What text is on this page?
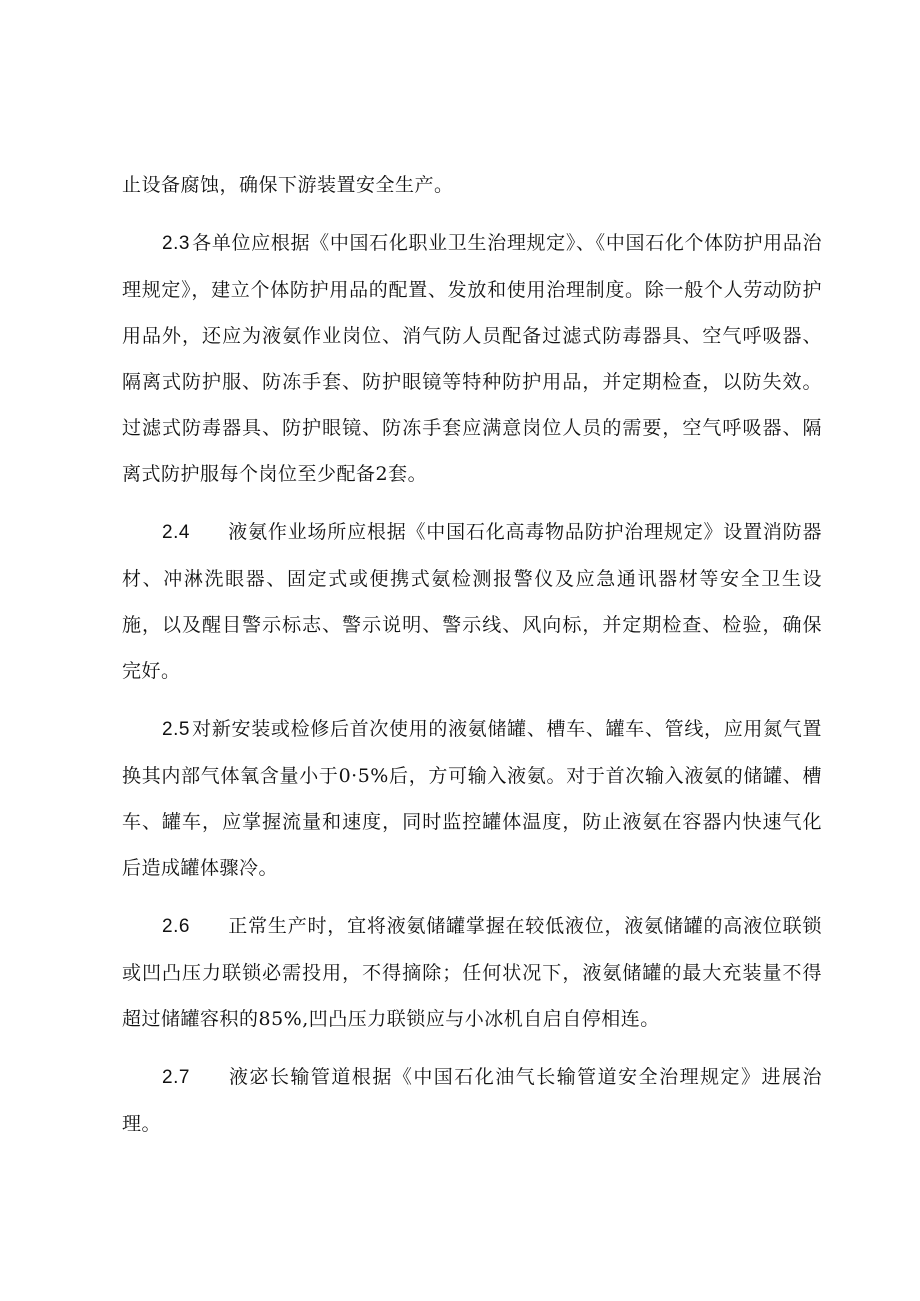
止设备腐蚀，确保下游装置安全生产。

2.3 各单位应根据《中国石化职业卫生治理规定》、《中国石化个体防护用品治理规定》，建立个体防护用品的配置、发放和使用治理制度。除一般个人劳动防护用品外，还应为液氨作业岗位、消气防人员配备过滤式防毒器具、空气呼吸器、隔离式防护服、防冻手套、防护眼镜等特种防护用品，并定期检查，以防失效。过滤式防毒器具、防护眼镜、防冻手套应满意岗位人员的需要，空气呼吸器、隔离式防护服每个岗位至少配备2套。

2.4 液氨作业场所应根据《中国石化高毒物品防护治理规定》设置消防器材、冲淋洗眼器、固定式或便携式氨检测报警仪及应急通讯器材等安全卫生设施，以及醒目警示标志、警示说明、警示线、风向标，并定期检查、检验，确保完好。

2.5 对新安装或检修后首次使用的液氨储罐、槽车、罐车、管线，应用氮气置换其内部气体氧含量小于0·5%后，方可输入液氨。对于首次输入液氨的储罐、槽车、罐车，应掌握流量和速度，同时监控罐体温度，防止液氨在容器内快速气化后造成罐体骤冷。

2.6 正常生产时，宜将液氨储罐掌握在较低液位，液氨储罐的高液位联锁或凹凸压力联锁必需投用，不得摘除；任何状况下，液氨储罐的最大充装量不得超过储罐容积的85%,凹凸压力联锁应与小冰机自启自停相连。

2.7 液宓长输管道根据《中国石化油气长输管道安全治理规定》进展治理。
